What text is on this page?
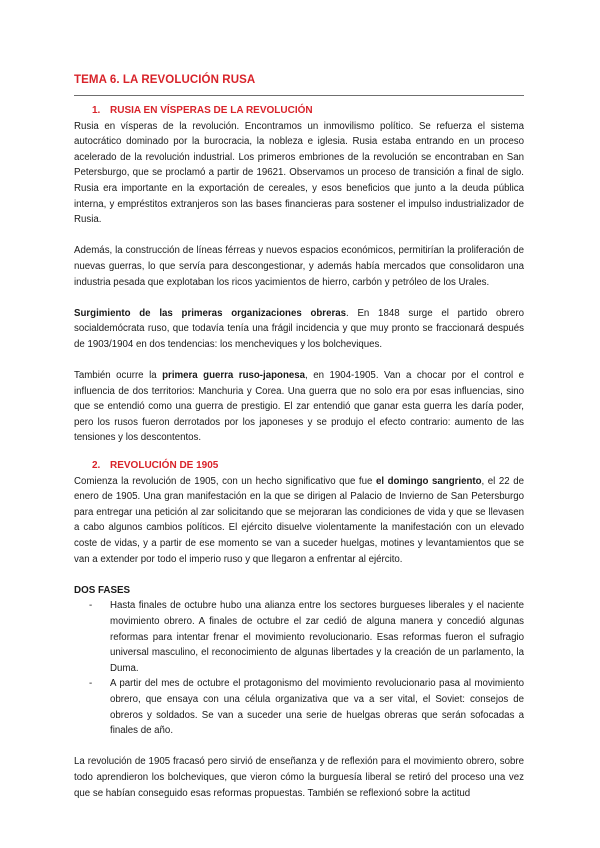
TEMA 6. LA REVOLUCIÓN RUSA

1. RUSIA EN VÍSPERAS DE LA REVOLUCIÓN

Rusia en vísperas de la revolución. Encontramos un inmovilismo político. Se refuerza el sistema autocrático dominado por la burocracia, la nobleza e iglesia. Rusia estaba entrando en un proceso acelerado de la revolución industrial. Los primeros embriones de la revolución se encontraban en San Petersburgo, que se proclamó a partir de 19621. Observamos un proceso de transición a final de siglo. Rusia era importante en la exportación de cereales, y esos beneficios que junto a la deuda pública interna, y empréstitos extranjeros son las bases financieras para sostener el impulso industrializador de Rusia.

Además, la construcción de líneas férreas y nuevos espacios económicos, permitirían la proliferación de nuevas guerras, lo que servía para descongestionar, y además había mercados que consolidaron una industria pesada que explotaban los ricos yacimientos de hierro, carbón y petróleo de los Urales.

Surgimiento de las primeras organizaciones obreras. En 1848 surge el partido obrero socialdemócrata ruso, que todavía tenía una frágil incidencia y que muy pronto se fraccionará después de 1903/1904 en dos tendencias: los mencheviques y los bolcheviques.

También ocurre la primera guerra ruso-japonesa, en 1904-1905. Van a chocar por el control e influencia de dos territorios: Manchuria y Corea. Una guerra que no solo era por esas influencias, sino que se entendió como una guerra de prestigio. El zar entendió que ganar esta guerra les daría poder, pero los rusos fueron derrotados por los japoneses y se produjo el efecto contrario: aumento de las tensiones y los descontentos.

2. REVOLUCIÓN DE 1905

Comienza la revolución de 1905, con un hecho significativo que fue el domingo sangriento, el 22 de enero de 1905. Una gran manifestación en la que se dirigen al Palacio de Invierno de San Petersburgo para entregar una petición al zar solicitando que se mejoraran las condiciones de vida y que se llevasen a cabo algunos cambios políticos. El ejército disuelve violentamente la manifestación con un elevado coste de vidas, y a partir de ese momento se van a suceder huelgas, motines y levantamientos que se van a extender por todo el imperio ruso y que llegaron a enfrentar al ejército.

DOS FASES

- Hasta finales de octubre hubo una alianza entre los sectores burgueses liberales y el naciente movimiento obrero. A finales de octubre el zar cedió de alguna manera y concedió algunas reformas para intentar frenar el movimiento revolucionario. Esas reformas fueron el sufragio universal masculino, el reconocimiento de algunas libertades y la creación de un parlamento, la Duma.
- A partir del mes de octubre el protagonismo del movimiento revolucionario pasa al movimiento obrero, que ensaya con una célula organizativa que va a ser vital, el Soviet: consejos de obreros y soldados. Se van a suceder una serie de huelgas obreras que serán sofocadas a finales de año.

La revolución de 1905 fracasó pero sirvió de enseñanza y de reflexión para el movimiento obrero, sobre todo aprendieron los bolcheviques, que vieron cómo la burguesía liberal se retiró del proceso una vez que se habían conseguido esas reformas propuestas. También se reflexionó sobre la actitud
